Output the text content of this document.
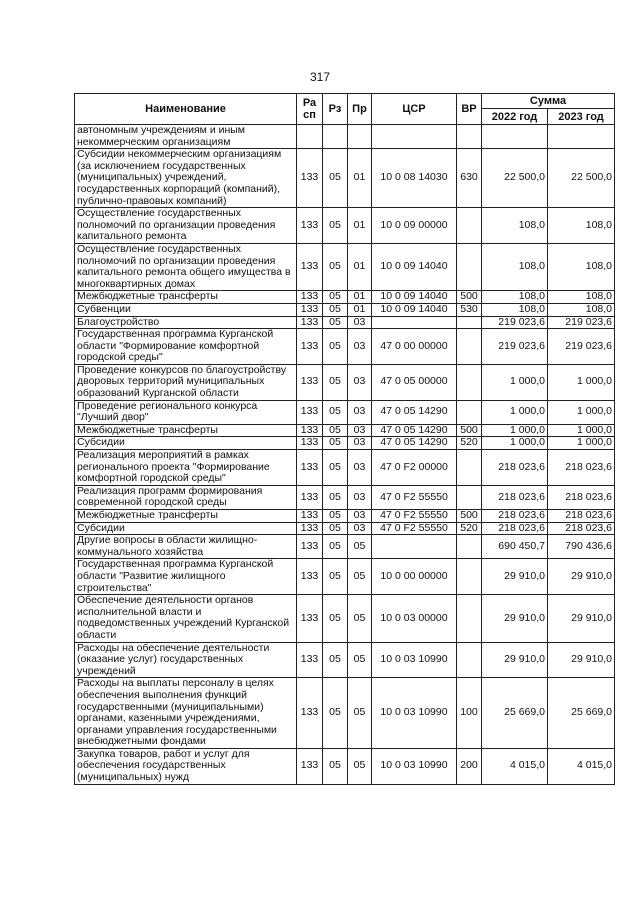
317
Наименование	Ра сп	Рз	Пр	ЦСР	ВР	Сумма	
						2022 год	2023 год
автономным учреждениям и иным некоммерческим организациям							
Субсидии некоммерческим организациям (за исключением государственных (муниципальных) учреждений, государственных корпораций (компаний), публично-правовых компаний)	133	05	01	10 0 08 14030	630	22 500,0	22 500,0
Осуществление государственных полномочий по организации проведения капитального ремонта	133	05	01	10 0 09 00000		108,0	108,0
Осуществление государственных полномочий по организации проведения капитального ремонта общего имущества в многоквартирных домах	133	05	01	10 0 09 14040		108,0	108,0
Межбюджетные трансферты	133	05	01	10 0 09 14040	500	108,0	108,0
Субвенции	133	05	01	10 0 09 14040	530	108,0	108,0
Благоустройство	133	05	03			219 023,6	219 023,6
Государственная программа Курганской области "Формирование комфортной городской среды"	133	05	03	47 0 00 00000		219 023,6	219 023,6
Проведение конкурсов по благоустройству дворовых территорий муниципальных образований Курганской области	133	05	03	47 0 05 00000		1 000,0	1 000,0
Проведение регионального конкурса "Лучший двор"	133	05	03	47 0 05 14290		1 000,0	1 000,0
Межбюджетные трансферты	133	05	03	47 0 05 14290	500	1 000,0	1 000,0
Субсидии	133	05	03	47 0 05 14290	520	1 000,0	1 000,0
Реализация мероприятий в рамках регионального проекта "Формирование комфортной городской среды"	133	05	03	47 0 F2 00000		218 023,6	218 023,6
Реализация программ формирования современной городской среды	133	05	03	47 0 F2 55550		218 023,6	218 023,6
Межбюджетные трансферты	133	05	03	47 0 F2 55550	500	218 023,6	218 023,6
Субсидии	133	05	03	47 0 F2 55550	520	218 023,6	218 023,6
Другие вопросы в области жилищно-коммунального хозяйства	133	05	05			690 450,7	790 436,6
Государственная программа Курганской области "Развитие жилищного строительства"	133	05	05	10 0 00 00000		29 910,0	29 910,0
Обеспечение деятельности органов исполнительной власти и подведомственных учреждений Курганской области	133	05	05	10 0 03 00000		29 910,0	29 910,0
Расходы на обеспечение деятельности (оказание услуг) государственных учреждений	133	05	05	10 0 03 10990		29 910,0	29 910,0
Расходы на выплаты персоналу в целях обеспечения выполнения функций государственными (муниципальными) органами, казенными учреждениями, органами управления государственными внебюджетными фондами	133	05	05	10 0 03 10990	100	25 669,0	25 669,0
Закупка товаров, работ и услуг для обеспечения государственных (муниципальных) нужд	133	05	05	10 0 03 10990	200	4 015,0	4 015,0
